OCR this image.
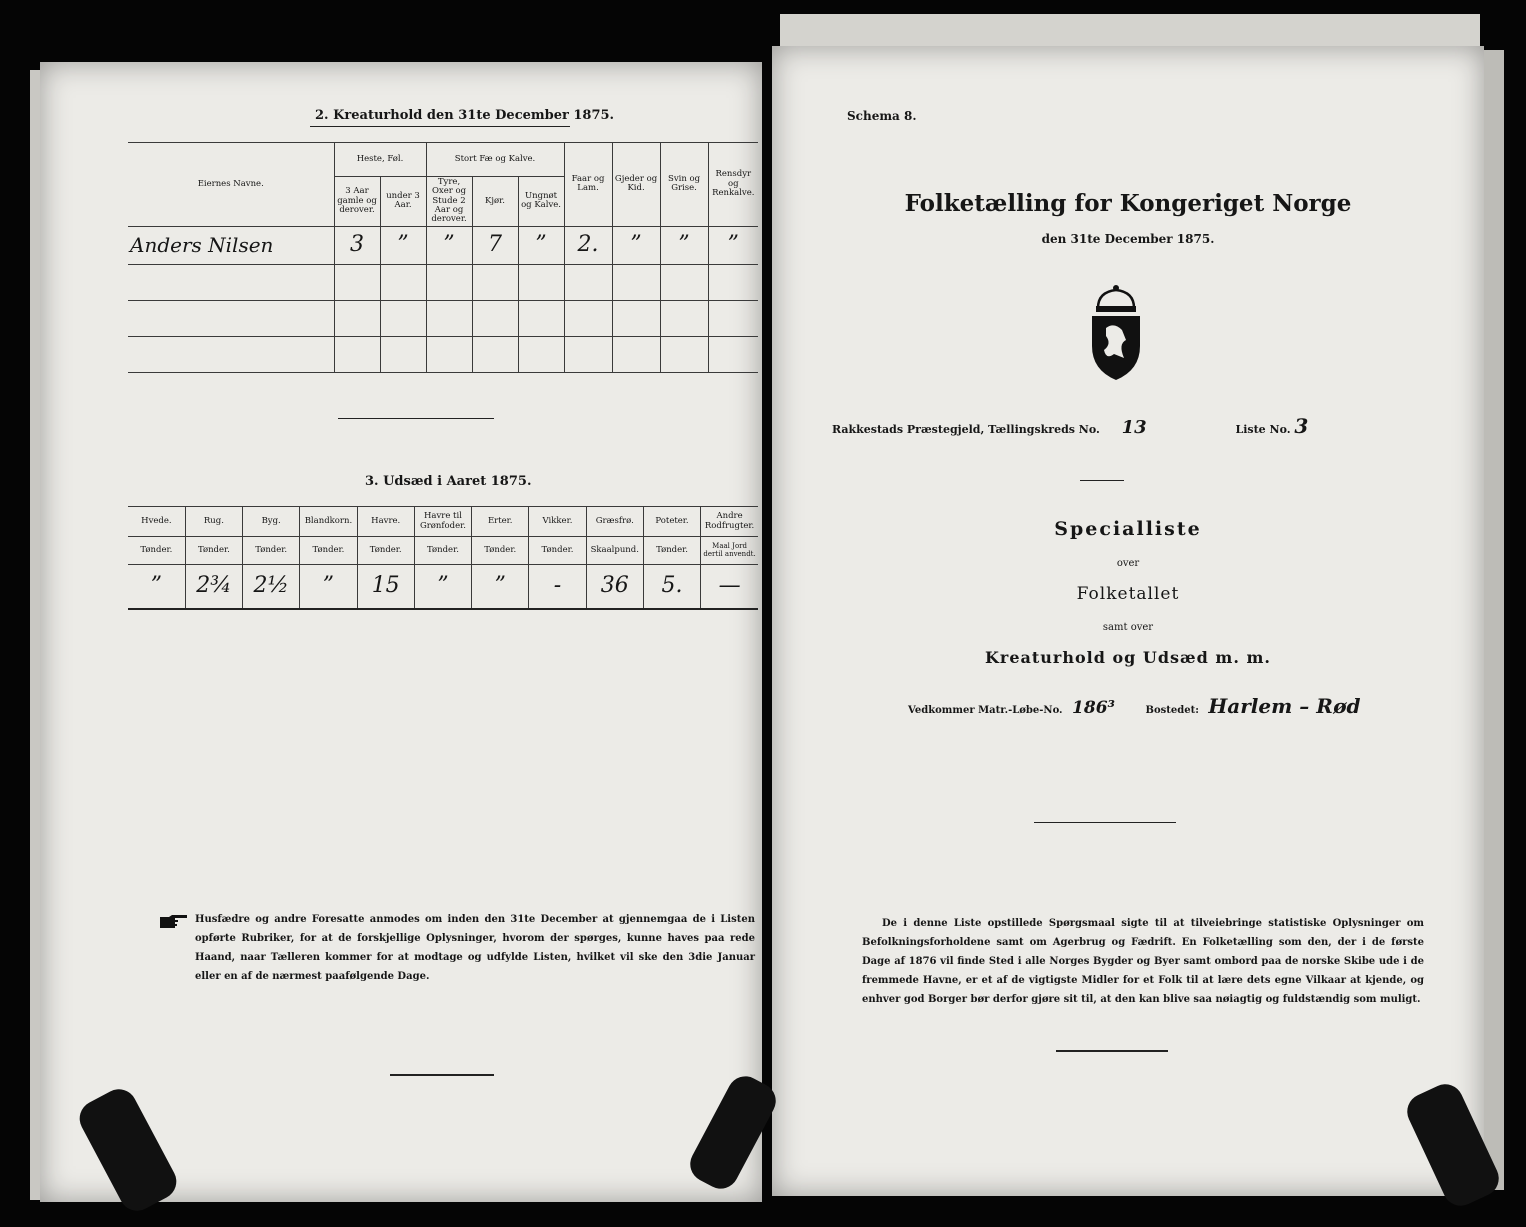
2. Kreaturhold den 31te December 1875.
Eiernes Navne.	Heste, Føl.		Stort Fæ og Kalve.			Faar og Lam.	Gjeder og Kid.	Svin og Grise.	Rensdyr og Renkalve.
	3 Aar gamle og derover.	under 3 Aar.	Tyre, Oxer og Stude 2 Aar og derover.	Kjør.	Ungnøt og Kalve.				
Anders Nilsen	3	”	”	7	”	2.	”	”	”

3. Udsæd i Aaret 1875.
Hvede.	Rug.	Byg.	Blandkorn.	Havre.	Havre til Grønfoder.	Erter.	Vikker.	Græsfrø.	Poteter.	Andre Rodfrugter.
Tønder.	Tønder.	Tønder.	Tønder.	Tønder.	Tønder.	Tønder.	Tønder.	Skaalpund.	Tønder.	Maal Jord dertil anvendt.
”	2¾	2½	”	15	”	”	-	36	5.	—
Husfædre og andre Foresatte anmodes om inden den 31te December at gjennemgaa de i Listen opførte Rubriker, for at de forskjellige Oplysninger, hvorom der spørges, kunne haves paa rede Haand, naar Tælleren kommer for at modtage og udfylde Listen, hvilket vil ske den 3die Januar eller en af de nærmest paafølgende Dage.
Schema 8.
Folketælling for Kongeriget Norge
den 31te December 1875.
Rakkestads Præstegjeld, Tællingskreds No. 13	Liste No. 3
Specialliste
over
Folketallet
samt over
Kreaturhold og Udsæd m. m.
Vedkommer Matr.-Løbe-No. 186³	Bostedet: Harlem – Rød
De i denne Liste opstillede Spørgsmaal sigte til at tilveiebringe statistiske Oplysninger om Befolkningsforholdene samt om Agerbrug og Fædrift. En Folketælling som den, der i de første Dage af 1876 vil finde Sted i alle Norges Bygder og Byer samt ombord paa de norske Skibe ude i de fremmede Havne, er et af de vigtigste Midler for et Folk til at lære dets egne Vilkaar at kjende, og enhver god Borger bør derfor gjøre sit til, at den kan blive saa nøiagtig og fuldstændig som muligt.
